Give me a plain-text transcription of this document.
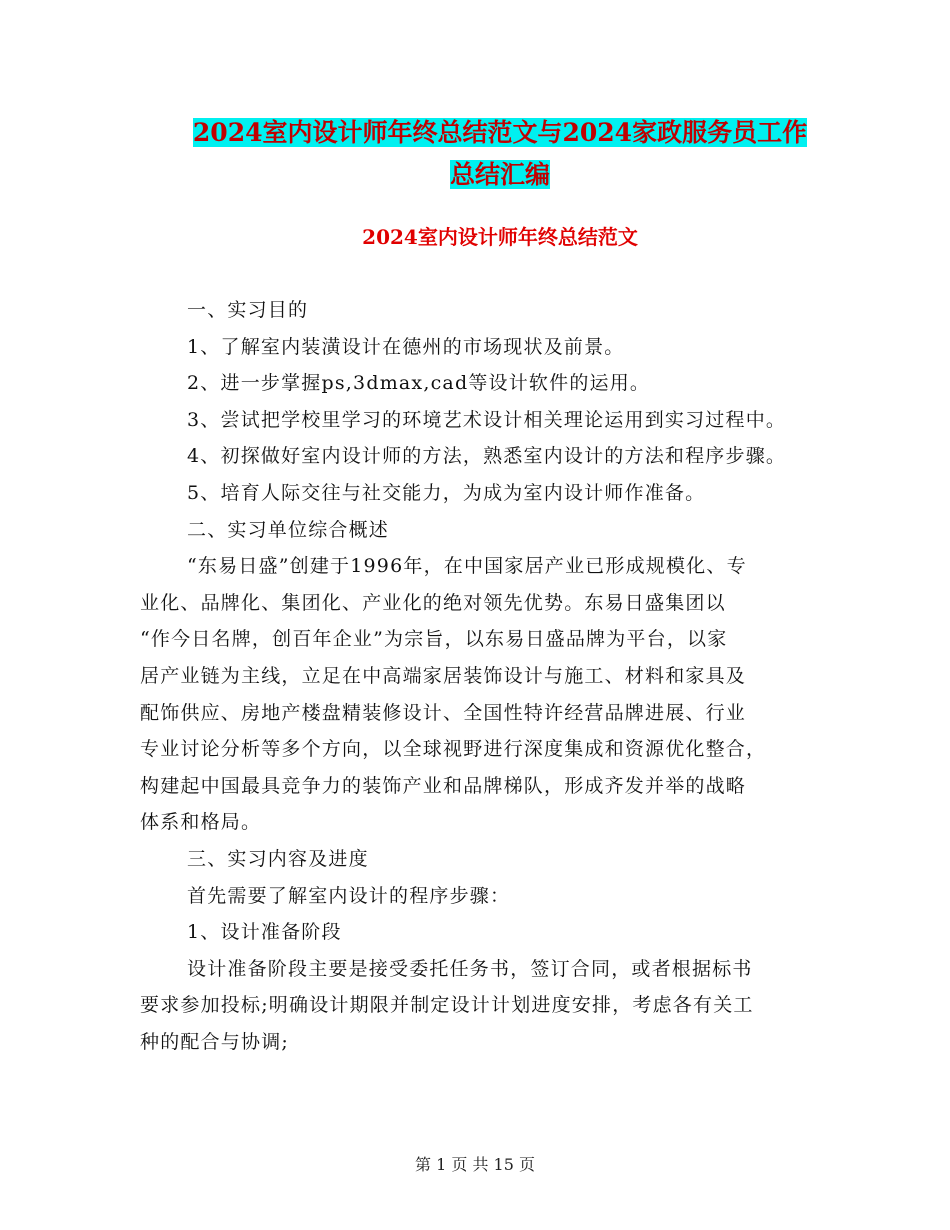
2024室内设计师年终总结范文与2024家政服务员工作
总结汇编
2024室内设计师年终总结范文
一、实习目的
1、了解室内装潢设计在德州的市场现状及前景。
2、进一步掌握ps,3dmax,cad等设计软件的运用。
3、尝试把学校里学习的环境艺术设计相关理论运用到实习过程中。
4、初探做好室内设计师的方法，熟悉室内设计的方法和程序步骤。
5、培育人际交往与社交能力，为成为室内设计师作准备。
二、实习单位综合概述
“东易日盛”创建于1996年，在中国家居产业已形成规模化、专
业化、品牌化、集团化、产业化的绝对领先优势。东易日盛集团以
“作今日名牌，创百年企业”为宗旨，以东易日盛品牌为平台，以家
居产业链为主线，立足在中高端家居装饰设计与施工、材料和家具及
配饰供应、房地产楼盘精装修设计、全国性特许经营品牌进展、行业
专业讨论分析等多个方向，以全球视野进行深度集成和资源优化整合，
构建起中国最具竞争力的装饰产业和品牌梯队，形成齐发并举的战略
体系和格局。
三、实习内容及进度
首先需要了解室内设计的程序步骤：
1、设计准备阶段
设计准备阶段主要是接受委托任务书，签订合同，或者根据标书
要求参加投标;明确设计期限并制定设计计划进度安排，考虑各有关工
种的配合与协调;
第 1 页 共 15 页
